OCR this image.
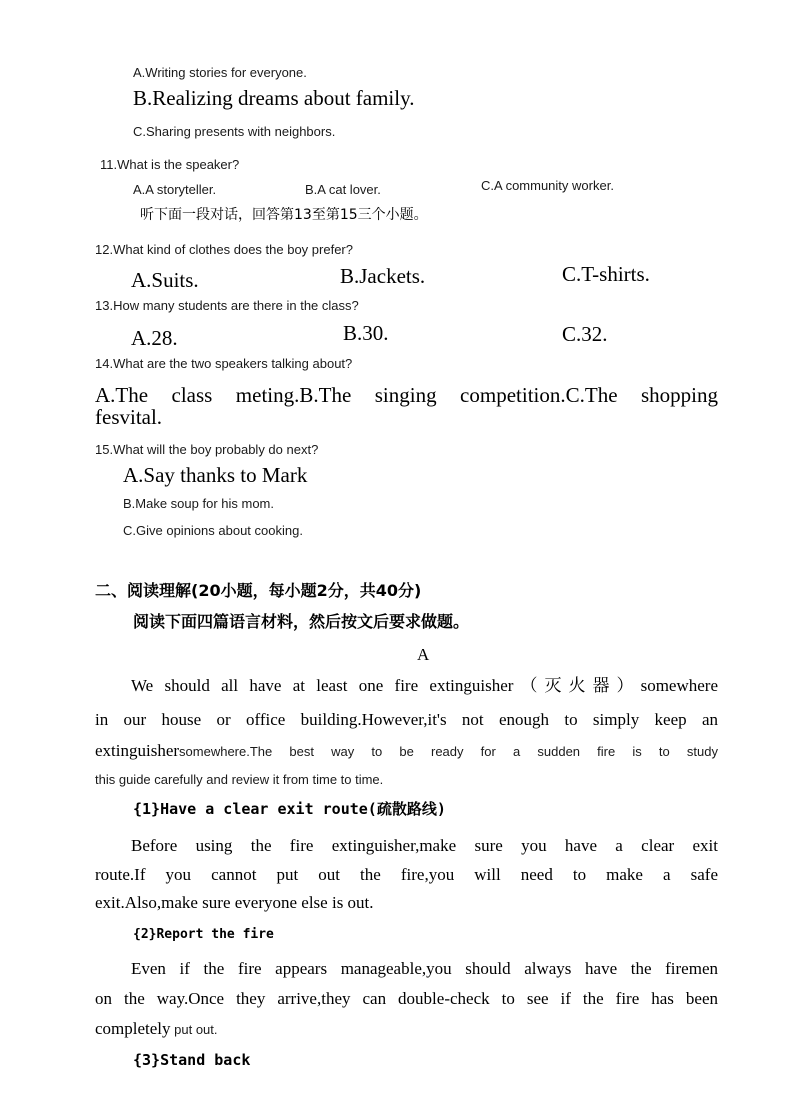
A.Writing stories for everyone.
B.Realizing dreams about family.
C.Sharing presents with neighbors.
11.What is the speaker?
A.A storyteller.	B.A cat lover.	C.A community worker.
听下面一段对话，回答第13至第15三个小题。
12.What kind of clothes does the boy prefer?
A.Suits.	B.Jackets.	C.T-shirts.
13.How many students are there in the class?
A.28.	B.30.	C.32.
14.What are the two speakers talking about?
A.The class meting.B.The singing competition.C.The shopping
fesvital.
15.What will the boy probably do next?
A.Say thanks to Mark
B.Make soup for his mom.
C.Give opinions about cooking.
二、阅读理解(20小题，每小题2分，共40分)
阅读下面四篇语言材料，然后按文后要求做题。
A
We should all have at least one fire extinguisher（灭火器）somewhere
in our house or office building.However,it's not enough to simply keep an
extinguisher somewhere.The best way to be ready for a sudden fire is to study
this guide carefully and review it from time to time.
{1}Have a clear exit route(疏散路线)
Before using the fire extinguisher,make sure you have a clear exit
route.If you cannot put out the fire,you will need to make a safe
exit.Also,make sure everyone else is out.
{2}Report the fire
Even if the fire appears manageable,you should always have the firemen
on the way.Once they arrive,they can double-check to see if the fire has been
completely put out.
{3}Stand back
